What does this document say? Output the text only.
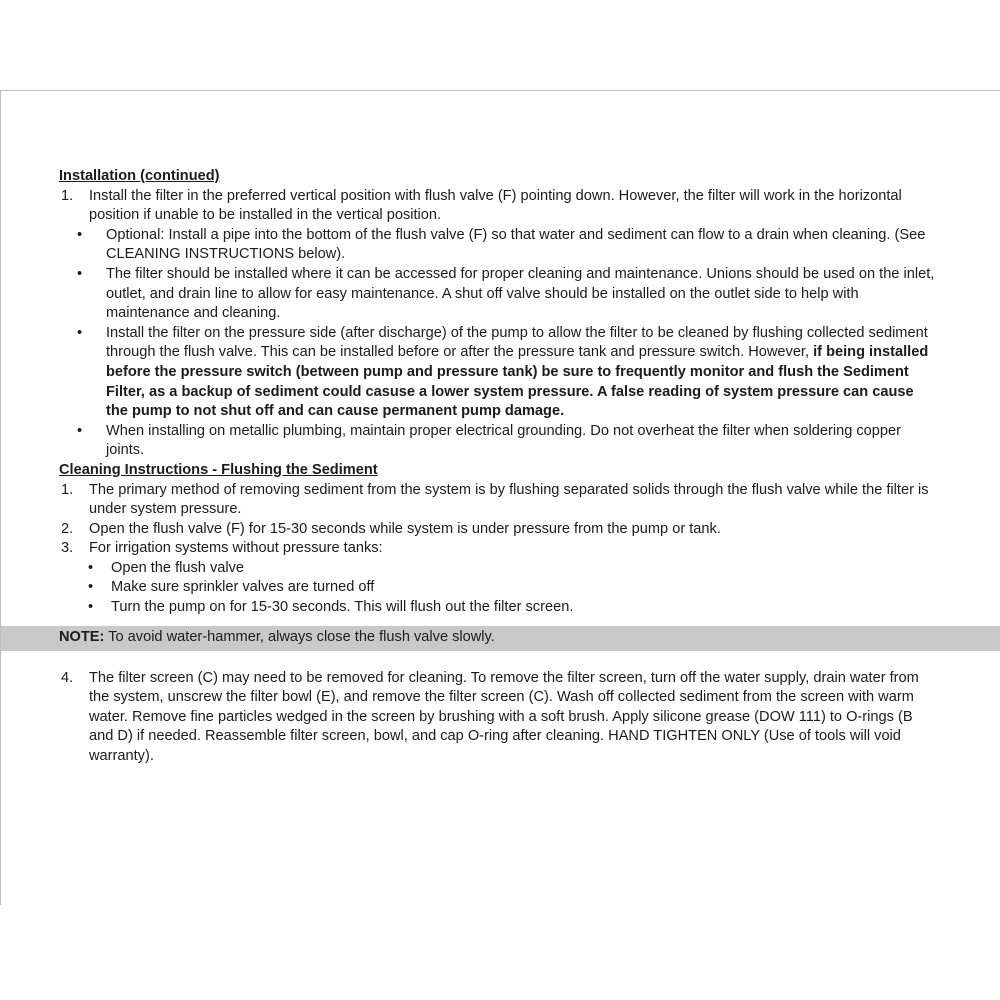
Installation (continued)

1. Install the filter in the preferred vertical position with flush valve (F) pointing down. However, the filter will work in the horizontal position if unable to be installed in the vertical position.
• Optional: Install a pipe into the bottom of the flush valve (F) so that water and sediment can flow to a drain when cleaning. (See CLEANING INSTRUCTIONS below).
• The filter should be installed where it can be accessed for proper cleaning and maintenance. Unions should be used on the inlet, outlet, and drain line to allow for easy maintenance. A shut off valve should be installed on the outlet side to help with maintenance and cleaning.
• Install the filter on the pressure side (after discharge) of the pump to allow the filter to be cleaned by flushing collected sediment through the flush valve. This can be installed before or after the pressure tank and pressure switch. However, if being installed before the pressure switch (between pump and pressure tank) be sure to frequently monitor and flush the Sediment Filter, as a backup of sediment could casuse a lower system pressure. A false reading of system pressure can cause the pump to not shut off and can cause permanent pump damage.
• When installing on metallic plumbing, maintain proper electrical grounding. Do not overheat the filter when soldering copper joints.

Cleaning Instructions - Flushing the Sediment

1. The primary method of removing sediment from the system is by flushing separated solids through the flush valve while the filter is under system pressure.
2. Open the flush valve (F) for 15-30 seconds while system is under pressure from the pump or tank.
3. For irrigation systems without pressure tanks:
• Open the flush valve
• Make sure sprinkler valves are turned off
• Turn the pump on for 15-30 seconds. This will flush out the filter screen.
NOTE: To avoid water-hammer, always close the flush valve slowly.
4. The filter screen (C) may need to be removed for cleaning. To remove the filter screen, turn off the water supply, drain water from the system, unscrew the filter bowl (E), and remove the filter screen (C). Wash off collected sediment from the screen with warm water. Remove fine particles wedged in the screen by brushing with a soft brush. Apply silicone grease (DOW 111) to O-rings (B and D) if needed. Reassemble filter screen, bowl, and cap O-ring after cleaning. HAND TIGHTEN ONLY (Use of tools will void warranty).
